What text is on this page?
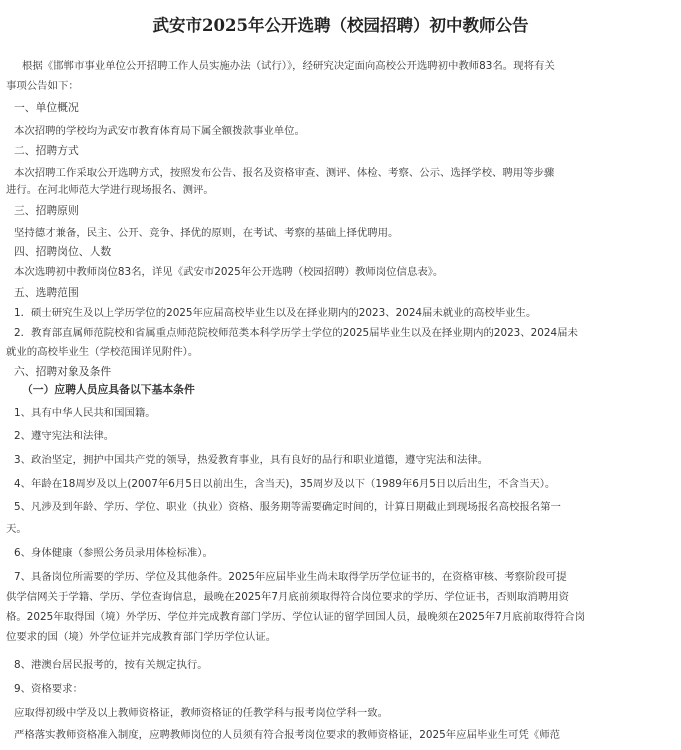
武安市2025年公开选聘（校园招聘）初中教师公告
根据《邯郸市事业单位公开招聘工作人员实施办法（试行）》，经研究决定面向高校公开选聘初中教师83名。现将有关
事项公告如下：
一、单位概况
本次招聘的学校均为武安市教育体育局下属全额拨款事业单位。
二、招聘方式
本次招聘工作采取公开选聘方式，按照发布公告、报名及资格审查、测评、体检、考察、公示、选择学校、聘用等步骤
进行。在河北师范大学进行现场报名、测评。
三、招聘原则
坚持德才兼备，民主、公开、竞争、择优的原则，在考试、考察的基础上择优聘用。
四、招聘岗位、人数
本次选聘初中教师岗位83名，详见《武安市2025年公开选聘（校园招聘）教师岗位信息表》。
五、选聘范围
1．硕士研究生及以上学历学位的2025年应届高校毕业生以及在择业期内的2023、2024届未就业的高校毕业生。
2．教育部直属师范院校和省属重点师范院校师范类本科学历学士学位的2025届毕业生以及在择业期内的2023、2024届未
就业的高校毕业生（学校范围详见附件）。
六、招聘对象及条件
（一）应聘人员应具备以下基本条件
1、具有中华人民共和国国籍。
2、遵守宪法和法律。
3、政治坚定，拥护中国共产党的领导，热爱教育事业，具有良好的品行和职业道德，遵守宪法和法律。
4、年龄在18周岁及以上(2007年6月5日以前出生，含当天)，35周岁及以下（1989年6月5日以后出生，不含当天）。
5、凡涉及到年龄、学历、学位、职业（执业）资格、服务期等需要确定时间的，计算日期截止到现场报名高校报名第一
天。
6、身体健康（参照公务员录用体检标准）。
7、具备岗位所需要的学历、学位及其他条件。2025年应届毕业生尚未取得学历学位证书的，在资格审核、考察阶段可提
供学信网关于学籍、学历、学位查询信息，最晚在2025年7月底前须取得符合岗位要求的学历、学位证书，否则取消聘用资
格。2025年取得国（境）外学历、学位并完成教育部门学历、学位认证的留学回国人员，最晚须在2025年7月底前取得符合岗
位要求的国（境）外学位证并完成教育部门学历学位认证。
8、港澳台居民报考的，按有关规定执行。
9、资格要求：
应取得初级中学及以上教师资格证，教师资格证的任教学科与报考岗位学科一致。
严格落实教师资格准入制度，应聘教师岗位的人员须有符合报考岗位要求的教师资格证，2025年应届毕业生可凭《师范
